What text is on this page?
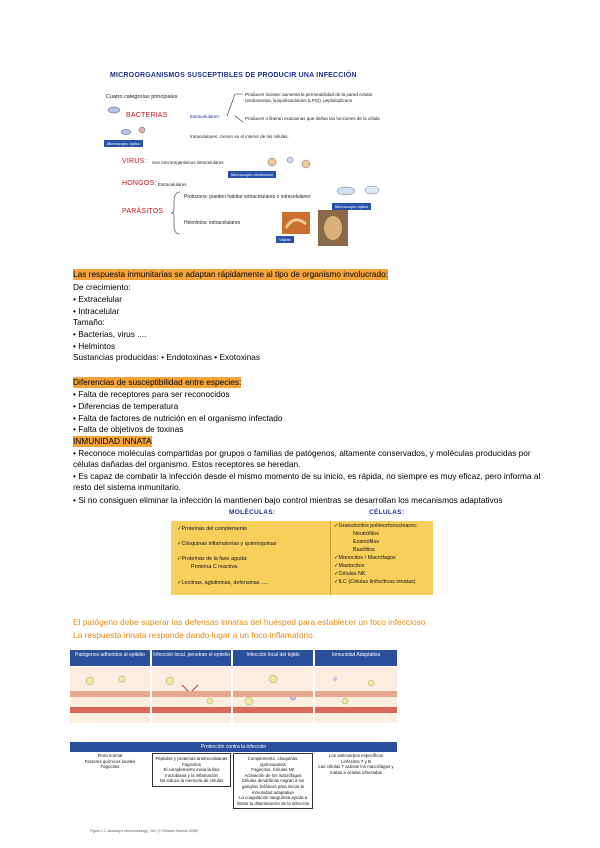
MICROORGANISMOS SUSCEPTIBLES DE PRODUCIR UNA INFECCIÓN
Cuatro categorías principales
BACTERIAS
Microscopio óptico
Extracelulares:
Producen toxinas: aumenta la permeabilidad de la pared celular (endotoxinas, lipopolisacáridos (LPS)), peptidoglicano
Producen o liberan exotoxinas que dañan las funciones de la célula
Intracelulares: crecen en el interior de las células.
VIRUS: Son microorganismos intracelulares
Microscopio electrónico
HONGOS: Extracelulares
PARÁSITOS
Protozoos: pueden habitar extracelulares o intracelulares
Microscopio óptico
Helmintos: extracelulares
Visible
Las respuesta inmunitarias se adaptan rápidamente al tipo de organismo involucrado:
De crecimiento:
• Extracelular
• Intracelular
Tamaño:
• Bacterias, virus ....
• Helmintos
Sustancias producidas: • Endotoxinas • Exotoxinas
Diferencias de susceptibilidad entre especies:
• Falta de receptores para ser reconocidos
• Diferencias de temperatura
• Falta de factores de nutrición en el organismo infectado
• Falta de objetivos de toxinas
INMUNIDAD INNATA
• Reconoce moléculas compartidas por grupos o familias de patógenos, altamente conservados, y moléculas producidas por células dañadas del organismo. Estos receptores se heredan.
• Es capaz de combatir la infección desde el mismo momento de su inicio, es rápida, no siempre es muy eficaz, pero informa al resto del sistema inmunitario.
• Si no consiguen eliminar la infección la mantienen bajo control mientras se desarrollan los mecanismos adaptativos
MOLÉCULAS:	CÉLULAS:
✓Proteínas del complemento
✓Citoquinas inflamatorias y quimioquinas
✓Proteínas de la fase aguda:
Proteína C reactiva
✓Lectinas, aglutininas, defensinas .....
✓Granulocitos polimorfonucleares:
Neutrófilos
Eosinófilos
Basófilos
✓Monocitos / Macrófagos
✓Mastocitos
✓Células NK
✓ILC (Células linfocíticas innatas)
El patógeno debe superar las defensas innatas del huésped para establecer un foco infeccioso
La respuesta innata responde dando lugar a un foco inflamatorio.
Patógenos adheridos al epitelio	Infección local, penetran el epitelio	Infección local del tejido	Inmunidad Adaptativa
Protección contra la infección
Flora normal
Factores químicos locales
Fagocitos
Péptidos y proteínas antimicrobianas
Fagocitos
El complemento inicia la lisis microbiana y la inflamación
No induce la memoria de células
Complemento, citoquinas, quimioquinas
Fagocitos, Células NK
Activación de los macrófagos
Células dendríticas migran a los ganglios linfáticos para iniciar la inmunidad adaptativa
La coagulación sanguínea ayuda a limitar la diseminación de la infección
Los anticuerpos específicos
Linfocitos T y B
Las células T activan los macrófagos y matan a células infectadas
Figure 2-1 Janeway's Immunobiology, 7ed. (© Garland Science 2008)
